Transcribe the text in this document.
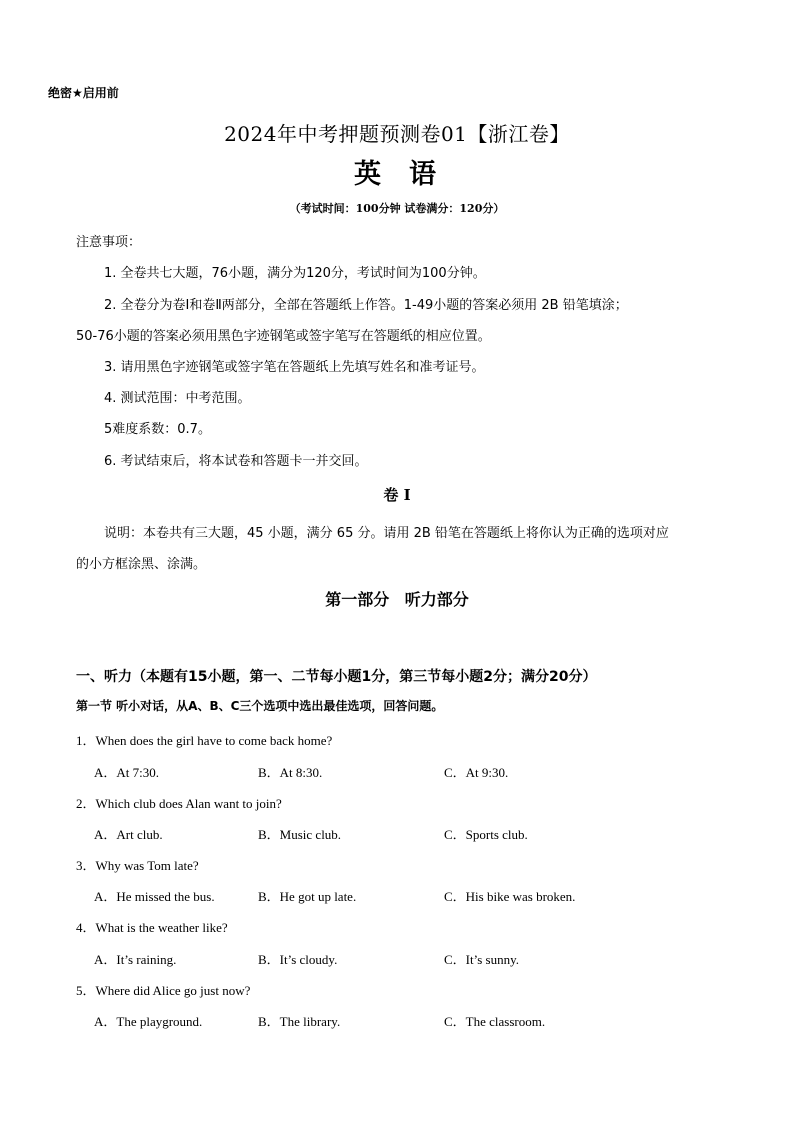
绝密★启用前
2024年中考押题预测卷01【浙江卷】
英语
（考试时间：100分钟 试卷满分：120分）
注意事项：
1. 全卷共七大题，76小题，满分为120分，考试时间为100分钟。
2. 全卷分为卷Ⅰ和卷Ⅱ两部分，全部在答题纸上作答。1-49小题的答案必须用 2B 铅笔填涂；
50-76小题的答案必须用黑色字迹钢笔或签字笔写在答题纸的相应位置。
3. 请用黑色字迹钢笔或签字笔在答题纸上先填写姓名和准考证号。
4. 测试范围：中考范围。
5难度系数：0.7。
6. 考试结束后，将本试卷和答题卡一并交回。
卷 I
说明：本卷共有三大题，45 小题，满分 65 分。请用 2B 铅笔在答题纸上将你认为正确的选项对应
的小方框涂黑、涂满。
第一部分 听力部分
一、听力（本题有15小题，第一、二节每小题1分，第三节每小题2分；满分20分）
第一节 听小对话，从A、B、C三个选项中选出最佳选项，回答问题。
1．When does the girl have to come back home?
A．At 7:30.	B．At 8:30.	C．At 9:30.
2．Which club does Alan want to join?
A．Art club.	B．Music club.	C．Sports club.
3．Why was Tom late?
A．He missed the bus.	B．He got up late.	C．His bike was broken.
4．What is the weather like?
A．It’s raining.	B．It’s cloudy.	C．It’s sunny.
5．Where did Alice go just now?
A．The playground.	B．The library.	C．The classroom.
